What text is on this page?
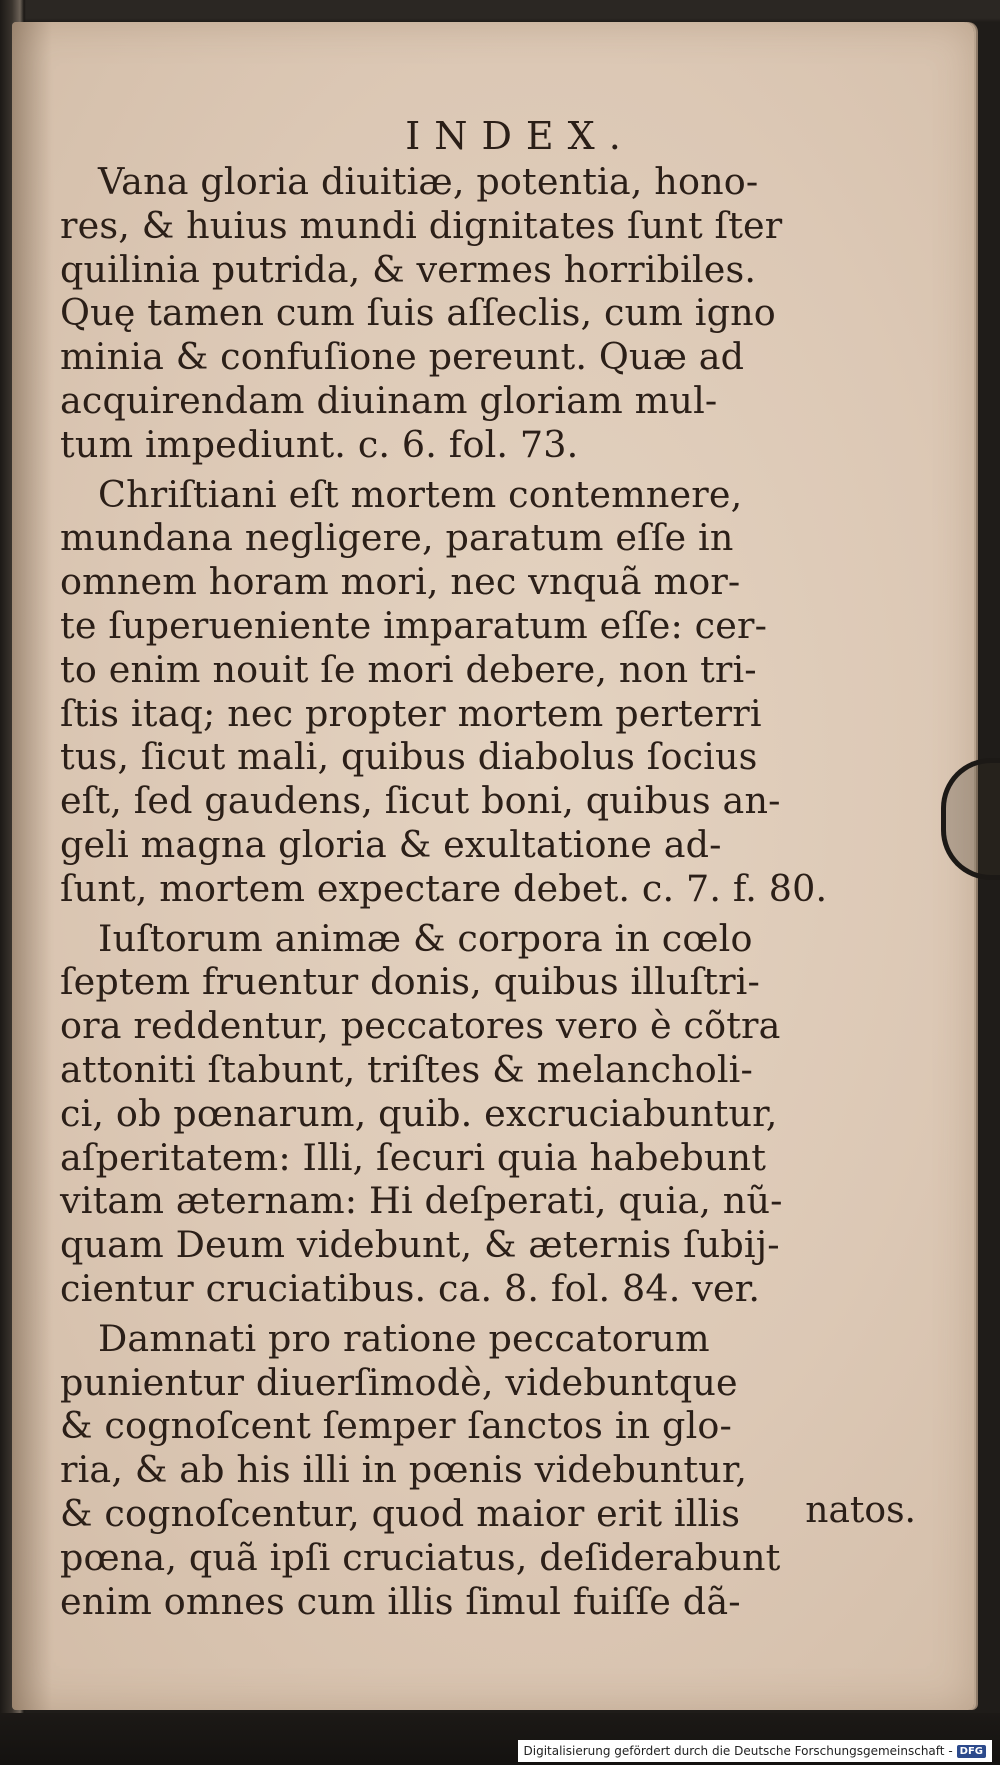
INDEX.
Vana gloria diuitiæ, potentia, hono-
res, & huius mundi dignitates ſunt ſter
quilinia putrida, & vermes horribiles.
Quę tamen cum ſuis aſſeclis, cum igno
minia & confuſione pereunt. Quæ ad
acquirendam diuinam gloriam mul-
tum impediunt. c. 6. fol. 73.
Chriſtiani eſt mortem contemnere,
mundana negligere, paratum eſſe in
omnem horam mori, nec vnquã mor-
te ſuperueniente imparatum eſſe: cer-
to enim nouit ſe mori debere, non tri-
ſtis itaq; nec propter mortem perterri
tus, ſicut mali, quibus diabolus ſocius
eſt, ſed gaudens, ſicut boni, quibus an-
geli magna gloria & exultatione ad-
ſunt, mortem expectare debet. c. 7. f. 80.
Iuſtorum animæ & corpora in cœlo
ſeptem fruentur donis, quibus illuſtri-
ora reddentur, peccatores vero è cõtra
attoniti ſtabunt, triſtes & melancholi-
ci, ob pœnarum, quib. excruciabuntur,
aſperitatem: Illi, ſecuri quia habebunt
vitam æternam: Hi deſperati, quia, nũ-
quam Deum videbunt, & æternis ſubij-
cientur cruciatibus. ca. 8. fol. 84. ver.
Damnati pro ratione peccatorum
punientur diuerſimodè, videbuntque
& cognoſcent ſemper ſanctos in glo-
ria, & ab his illi in pœnis videbuntur,
& cognoſcentur, quod maior erit illis
pœna, quã ipſi cruciatus, deſiderabunt
enim omnes cum illis ſimul fuiſſe dã-
natos.
Digitalisierung gefördert durch die Deutsche Forschungsgemeinschaft - DFG
